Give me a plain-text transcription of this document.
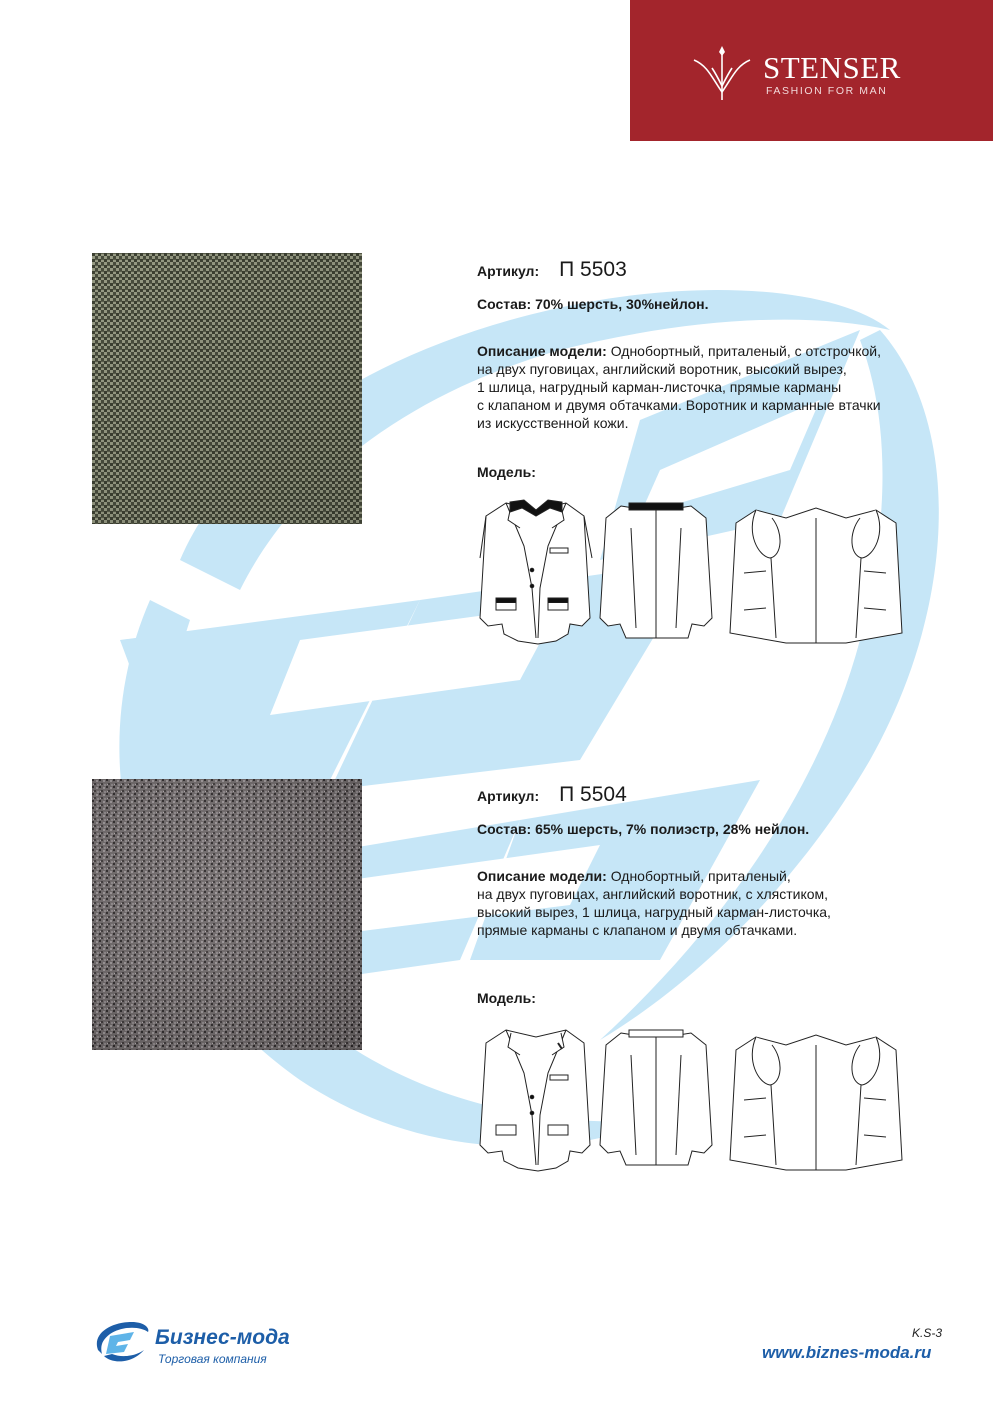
STENSER
FASHION FOR MAN
Артикул: П 5503
Состав: 70% шерсть, 30%нейлон.
Описание модели: Однобортный, приталеный, с отстрочкой,
на двух пуговицах, английский воротник, высокий вырез,
1 шлица, нагрудный карман-листочка, прямые карманы
с клапаном и двумя обтачками. Воротник и карманные втачки
из искусственной кожи.
Модель:
Артикул: П 5504
Состав: 65% шерсть, 7% полиэстр, 28% нейлон.
Описание модели: Однобортный, приталеный,
на двух пуговицах, английский воротник, с хлястиком,
высокий вырез, 1 шлица, нагрудный карман-листочка,
прямые карманы с клапаном и двумя обтачками.
Модель:
Бизнес-мода
Торговая компания
K.S-3
www.biznes-moda.ru
